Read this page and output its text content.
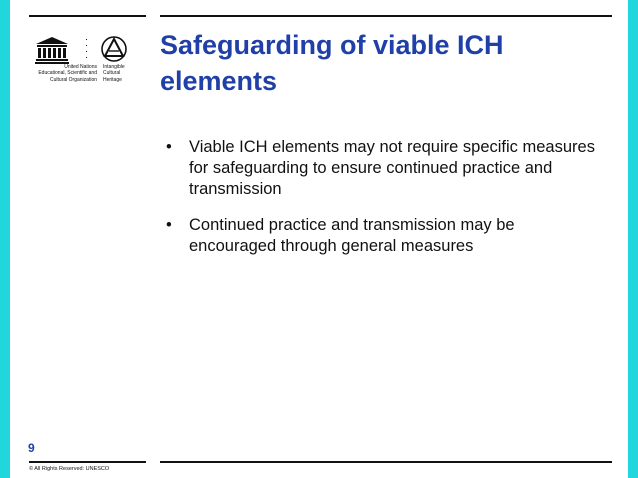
United Nations
Educational, Scientific and
Cultural Organization
Intangible
Cultural
Heritage
Safeguarding of viable ICH elements
• Viable ICH elements may not require specific measures for safeguarding to ensure continued practice and transmission
• Continued practice and transmission may be encouraged through general measures
9
© All Rights Reserved: UNESCO
